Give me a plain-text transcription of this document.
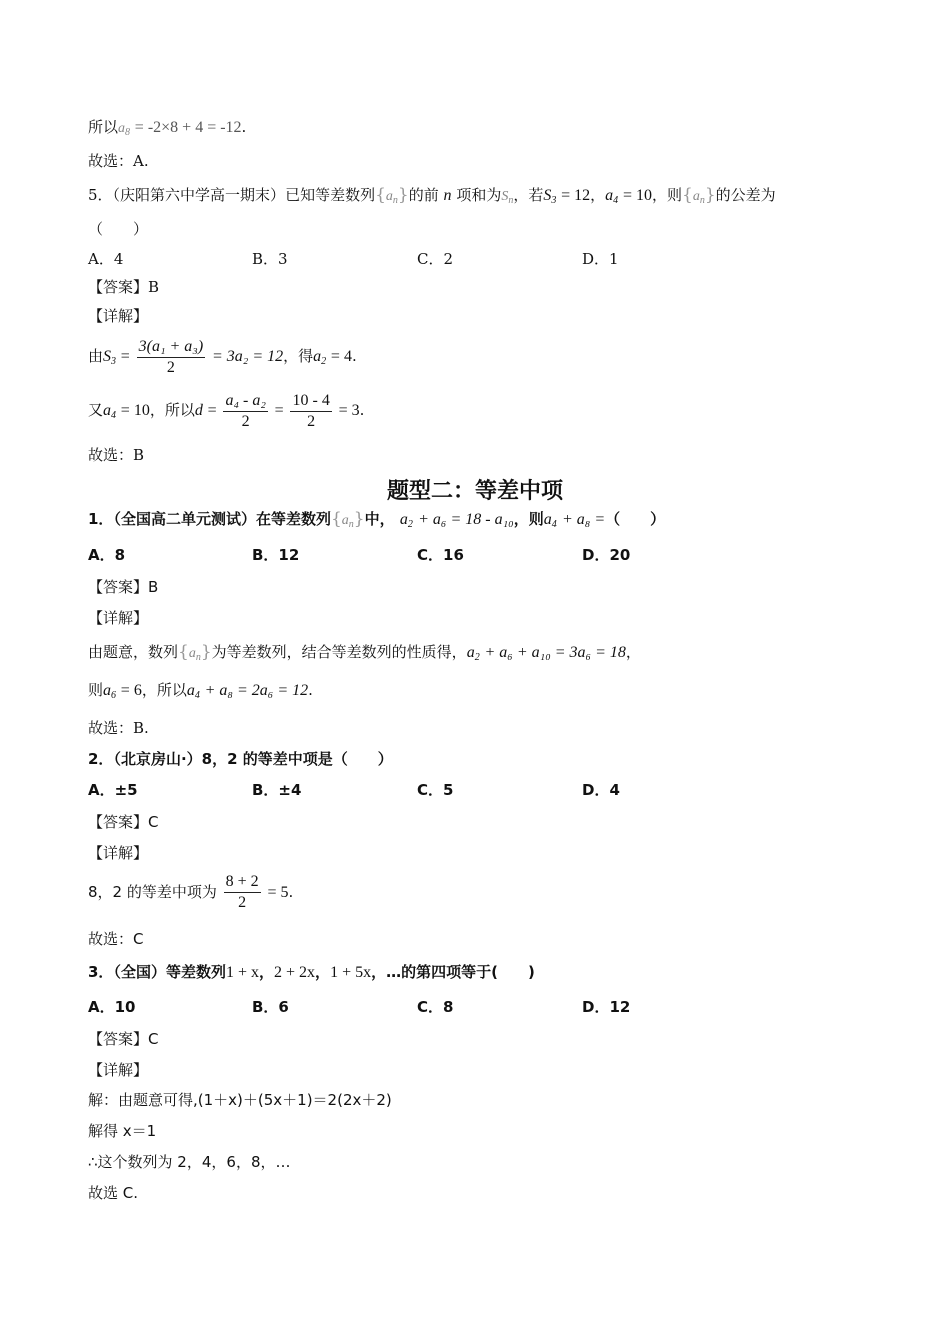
所以$a_8 = -2\times 8 + 4 = -12$.
故选：A.
5．（庆阳第六中学高一期末）已知等差数列$\{a_n\}$的前 n 项和为$S_n$，若$S_3 = 12$，$a_4 = 10$，则$\{a_n\}$的公差为
（　　）
A．4	B．3	C．2	D．1
【答案】B
【详解】
由$S_3 = \frac{\text{3(a₁ + a₃)}}{2} = 3a_2 = 12$，得$a_2 = 4$.
又$a_4 = 10$，所以$d = \frac{\text{a₄ - a₂}}{2} = \frac{10 - 4}{2} = 3$.
故选：B
题型二：等差中项
1．（全国高二单元测试）在等差数列$\{a_n\}$中， $a_2 + a_6 = 18 - a_{10}$，则$a_4 + a_8$ =（　　）
A．8	B．12	C．16	D．20
【答案】B
【详解】
由题意，数列$\{a_n\}$为等差数列，结合等差数列的性质得，$a_2 + a_6 + a_{10} = 3a_6 = 18$，
则$a_6 = 6$，所以$a_4 + a_8 = 2a_6 = 12$.
故选：B.
2．（北京房山·）8，2 的等差中项是（　　）
A．±5	B．±4	C．5	D．4
【答案】C
【详解】
8，2 的等差中项为 $\frac{8 + 2}{2} = 5$.
故选：C
3．（全国）等差数列1 + x，2 + 2x，1 + 5x，…的第四项等于(　　)
A．10	B．6	C．8	D．12
【答案】C
【详解】
解：由题意可得,(1＋x)＋(5x＋1)＝2(2x＋2)
解得 x＝1
∴这个数列为 2，4，6，8，…
故选 C.
